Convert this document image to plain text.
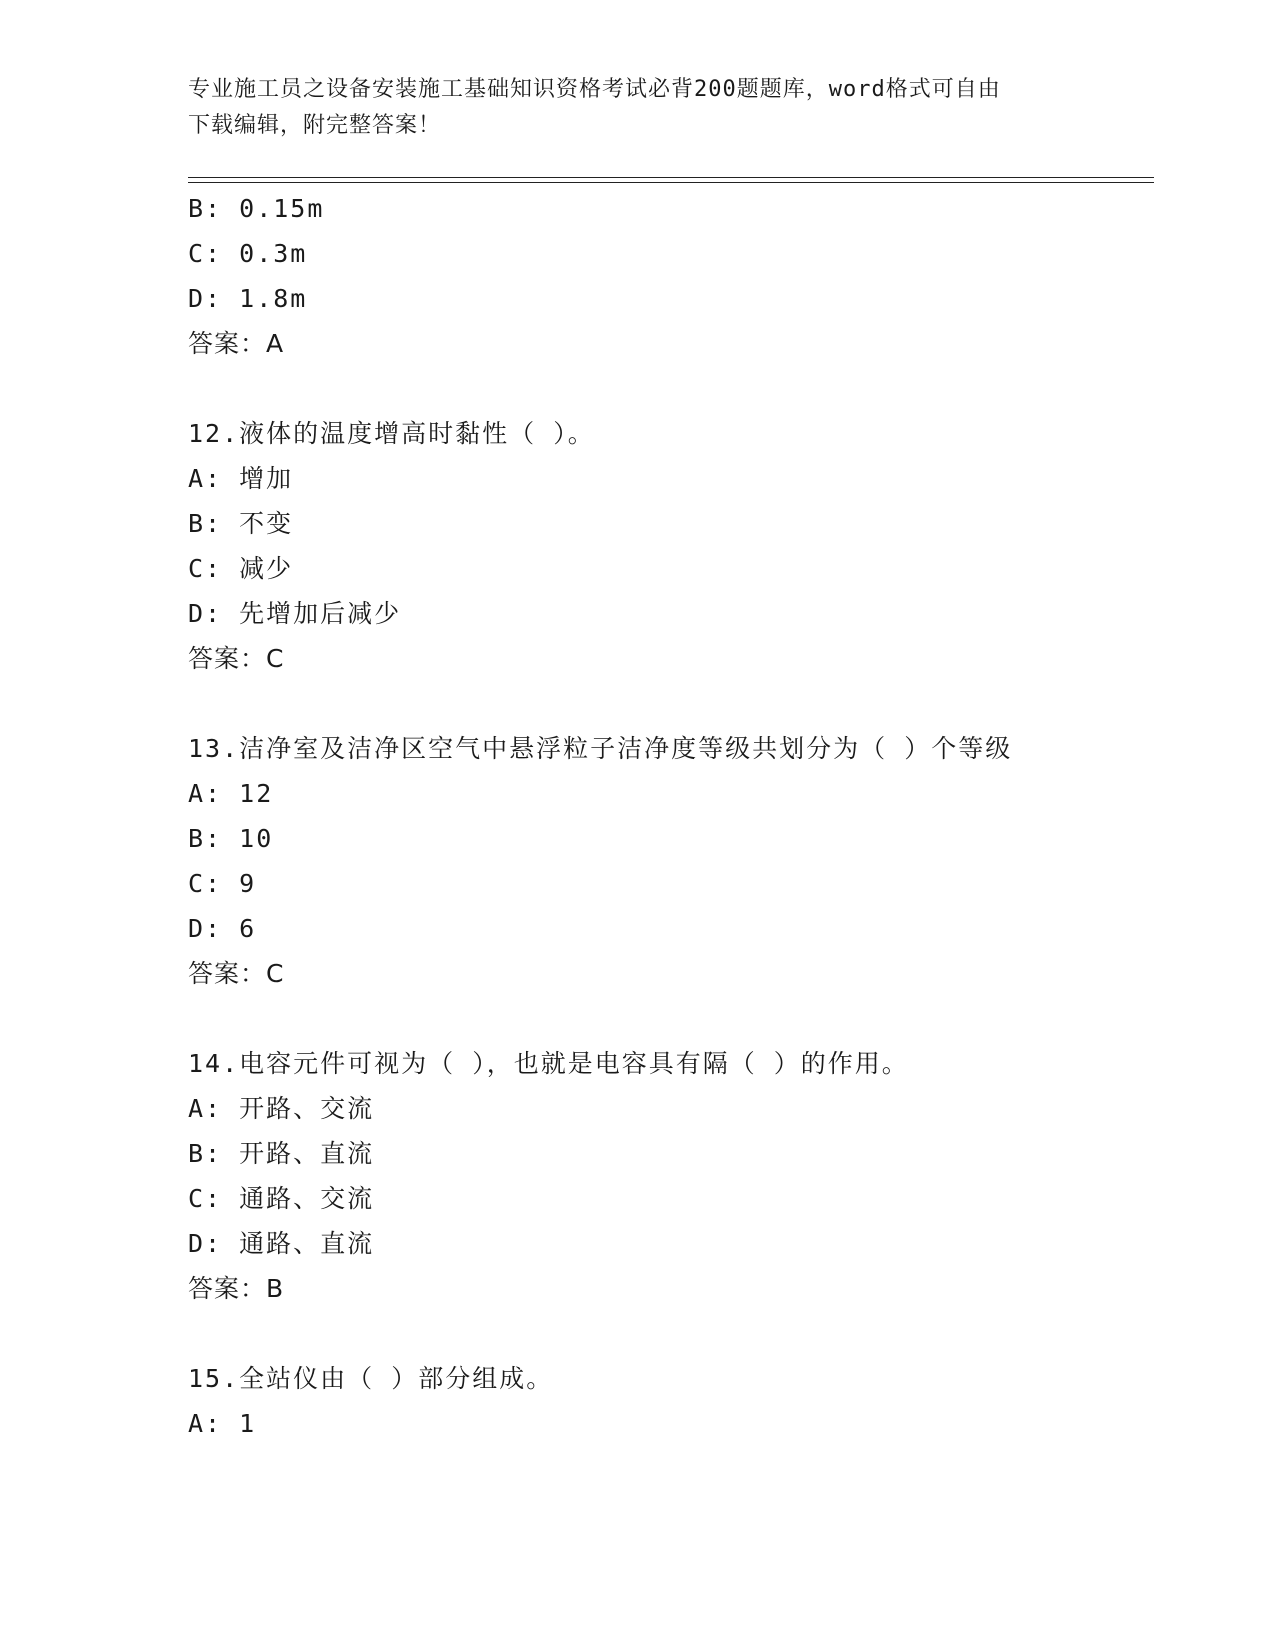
专业施工员之设备安装施工基础知识资格考试必背200题题库，word格式可自由
下载编辑，附完整答案！
B: 0.15m
C: 0.3m
D: 1.8m
答案：A
12.液体的温度增高时黏性（ ）。
A: 增加
B: 不变
C: 减少
D: 先增加后减少
答案：C
13.洁净室及洁净区空气中悬浮粒子洁净度等级共划分为（ ）个等级
A: 12
B: 10
C: 9
D: 6
答案：C
14.电容元件可视为（ ），也就是电容具有隔（ ）的作用。
A: 开路、交流
B: 开路、直流
C: 通路、交流
D: 通路、直流
答案：B
15.全站仪由（ ）部分组成。
A: 1
